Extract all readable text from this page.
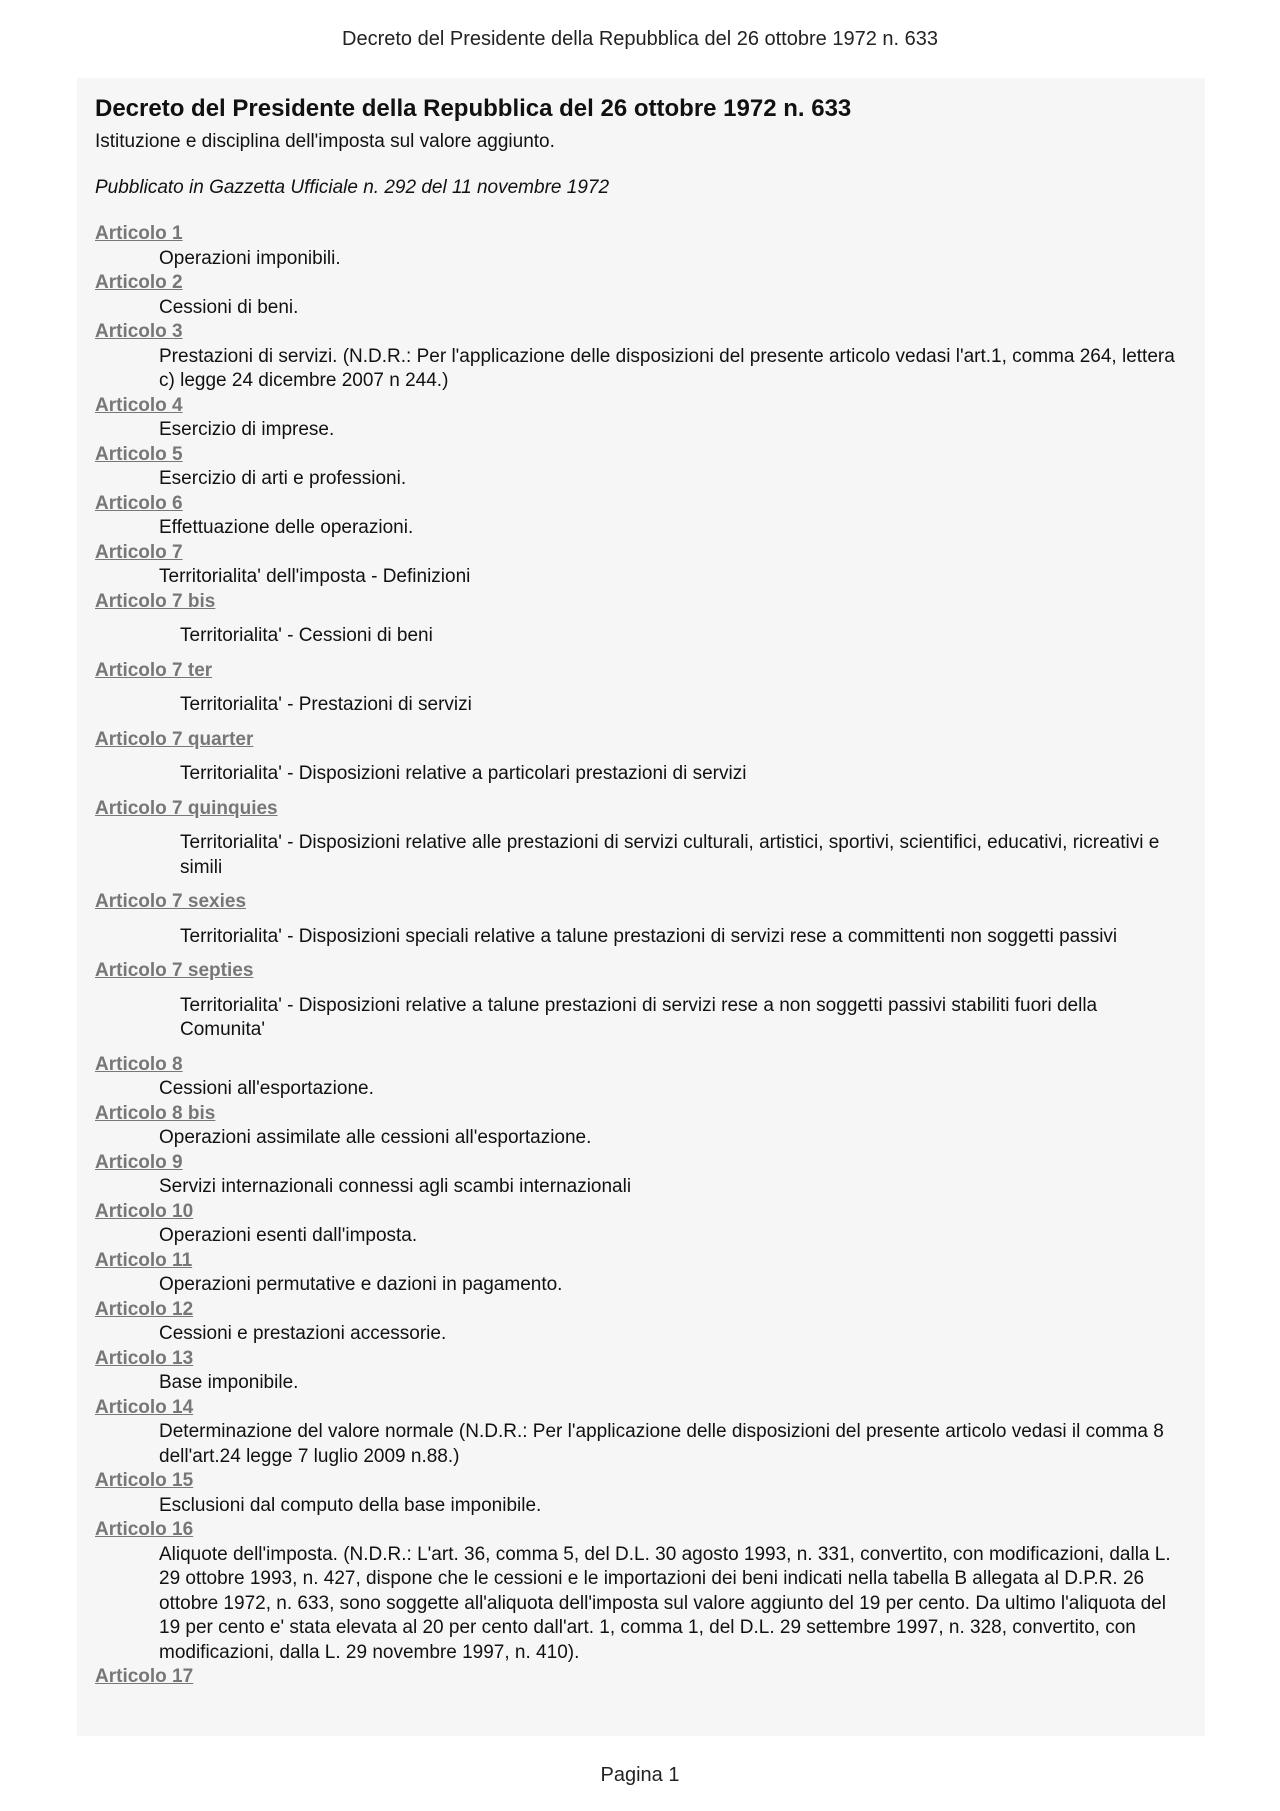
Decreto del Presidente della Repubblica del 26 ottobre 1972 n. 633
Decreto del Presidente della Repubblica del 26 ottobre 1972 n. 633
Istituzione e disciplina dell'imposta sul valore aggiunto.
Pubblicato in Gazzetta Ufficiale n. 292 del 11 novembre 1972
Articolo 1
Operazioni imponibili.
Articolo 2
Cessioni di beni.
Articolo 3
Prestazioni di servizi. (N.D.R.: Per l'applicazione delle disposizioni del presente articolo vedasi l'art.1, comma 264, lettera c) legge 24 dicembre 2007 n 244.)
Articolo 4
Esercizio di imprese.
Articolo 5
Esercizio di arti e professioni.
Articolo 6
Effettuazione delle operazioni.
Articolo 7
Territorialita' dell'imposta - Definizioni
Articolo 7 bis
Territorialita' - Cessioni di beni
Articolo 7 ter
Territorialita' - Prestazioni di servizi
Articolo 7 quarter
Territorialita' - Disposizioni relative a particolari prestazioni di servizi
Articolo 7 quinquies
Territorialita' - Disposizioni relative alle prestazioni di servizi culturali, artistici, sportivi, scientifici, educativi, ricreativi e simili
Articolo 7 sexies
Territorialita' - Disposizioni speciali relative a talune prestazioni di servizi rese a committenti non soggetti passivi
Articolo 7 septies
Territorialita' - Disposizioni relative a talune prestazioni di servizi rese a non soggetti passivi stabiliti fuori della Comunita'
Articolo 8
Cessioni all'esportazione.
Articolo 8 bis
Operazioni assimilate alle cessioni all'esportazione.
Articolo 9
Servizi internazionali connessi agli scambi internazionali
Articolo 10
Operazioni esenti dall'imposta.
Articolo 11
Operazioni permutative e dazioni in pagamento.
Articolo 12
Cessioni e prestazioni accessorie.
Articolo 13
Base imponibile.
Articolo 14
Determinazione del valore normale (N.D.R.: Per l'applicazione delle disposizioni del presente articolo vedasi il comma 8 dell'art.24 legge 7 luglio 2009 n.88.)
Articolo 15
Esclusioni dal computo della base imponibile.
Articolo 16
Aliquote dell'imposta. (N.D.R.: L'art. 36, comma 5, del D.L. 30 agosto 1993, n. 331, convertito, con modificazioni, dalla L. 29 ottobre 1993, n. 427, dispone che le cessioni e le importazioni dei beni indicati nella tabella B allegata al D.P.R. 26 ottobre 1972, n. 633, sono soggette all'aliquota dell'imposta sul valore aggiunto del 19 per cento. Da ultimo l'aliquota del 19 per cento e' stata elevata al 20 per cento dall'art. 1, comma 1, del D.L. 29 settembre 1997, n. 328, convertito, con modificazioni, dalla L. 29 novembre 1997, n. 410).
Articolo 17
Pagina 1
